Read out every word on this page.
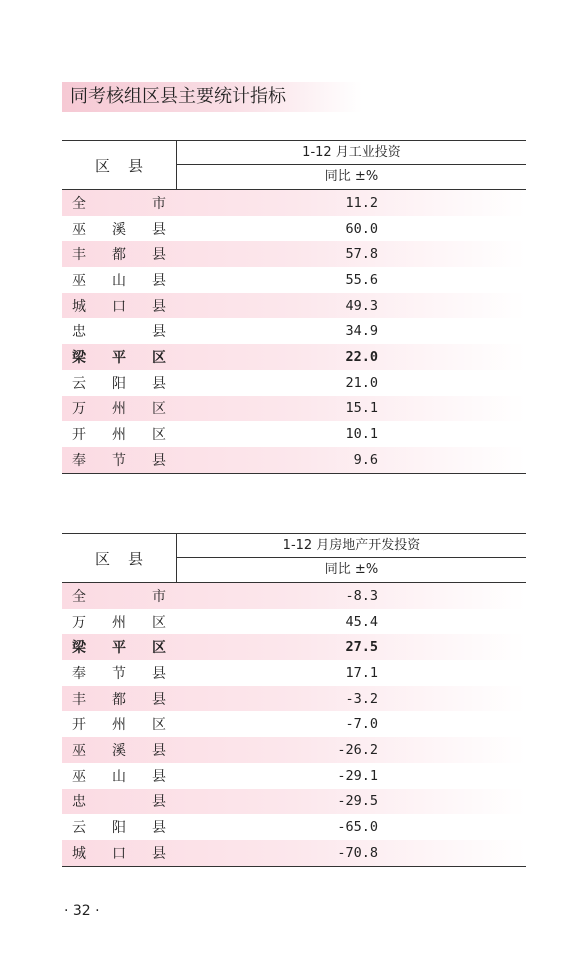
同考核组区县主要统计指标
区县
1-12 月工业投资
同比 ±%
全	市	11.2
巫 溪 县	60.0
丰 都 县	57.8
巫 山 县	55.6
城 口 县	49.3
忠	县	34.9
梁 平 区	22.0
云 阳 县	21.0
万 州 区	15.1
开 州 区	10.1
奉 节 县	9.6
区县
1-12 月房地产开发投资
同比 ±%
全	市	-8.3
万 州 区	45.4
梁 平 区	27.5
奉 节 县	17.1
丰 都 县	-3.2
开 州 区	-7.0
巫 溪 县	-26.2
巫 山 县	-29.1
忠	县	-29.5
云 阳 县	-65.0
城 口 县	-70.8
· 32 ·
